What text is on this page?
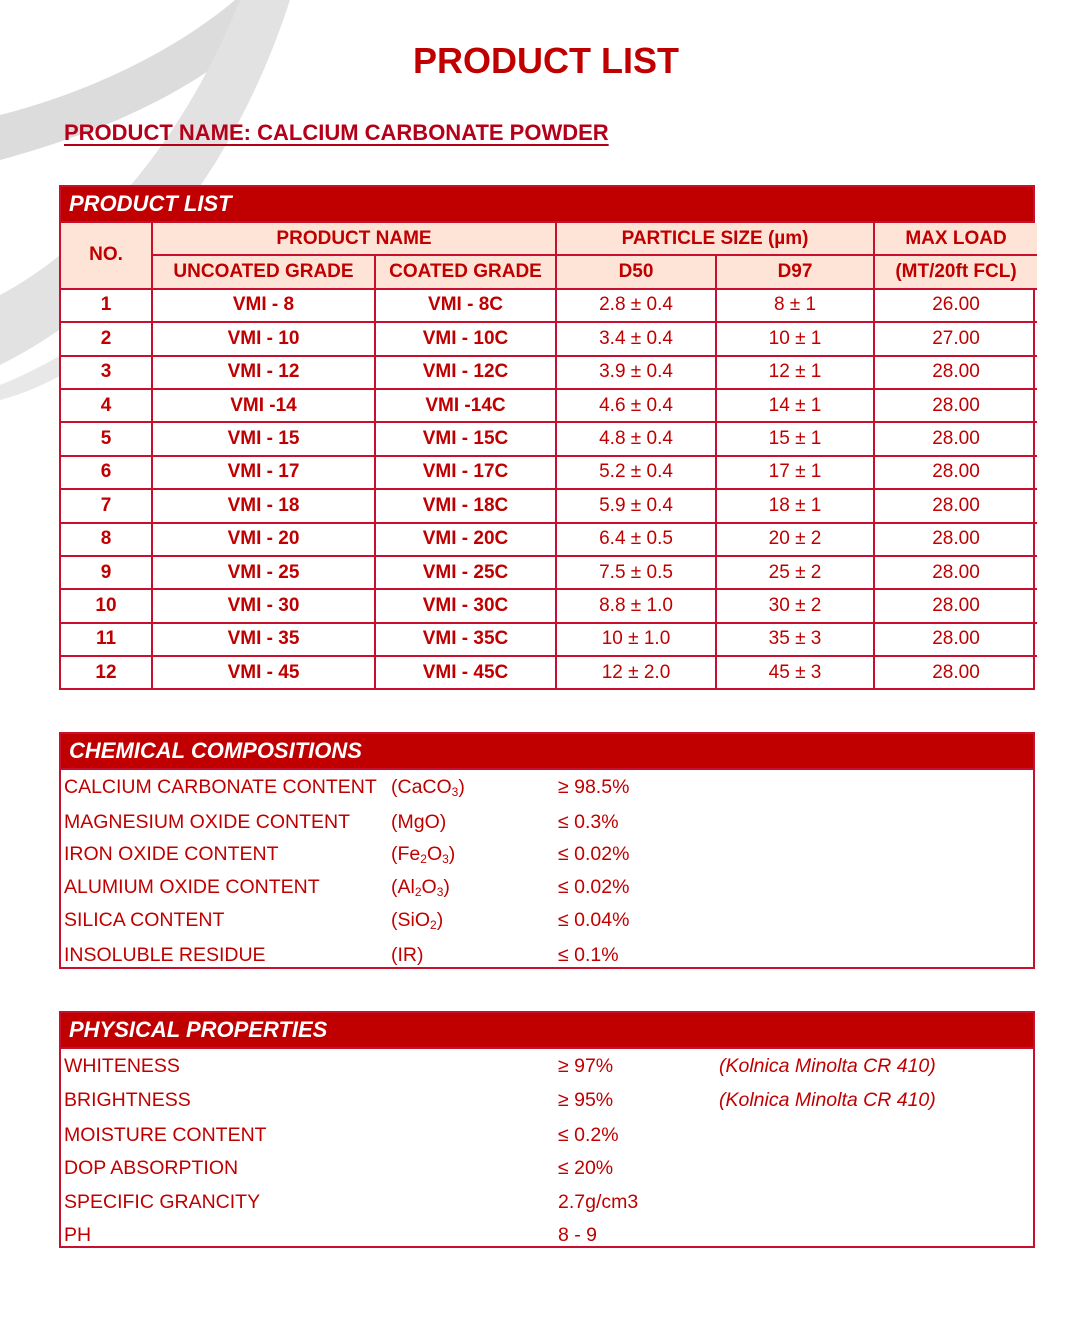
PRODUCT LIST
PRODUCT NAME: CALCIUM CARBONATE POWDER
PRODUCT LIST
NO.	PRODUCT NAME		PARTICLE SIZE (µm)		MAX LOAD
	UNCOATED GRADE	COATED GRADE	D50	D97	(MT/20ft FCL)
1	VMI - 8	VMI - 8C	2.8 ± 0.4	8 ± 1	26.00
2	VMI - 10	VMI - 10C	3.4 ± 0.4	10 ± 1	27.00
3	VMI - 12	VMI - 12C	3.9 ± 0.4	12 ± 1	28.00
4	VMI -14	VMI -14C	4.6 ± 0.4	14 ± 1	28.00
5	VMI - 15	VMI - 15C	4.8 ± 0.4	15 ± 1	28.00
6	VMI - 17	VMI - 17C	5.2 ± 0.4	17 ± 1	28.00
7	VMI - 18	VMI - 18C	5.9 ± 0.4	18 ± 1	28.00
8	VMI - 20	VMI - 20C	6.4 ± 0.5	20 ± 2	28.00
9	VMI - 25	VMI - 25C	7.5 ± 0.5	25 ± 2	28.00
10	VMI - 30	VMI - 30C	8.8 ± 1.0	30 ± 2	28.00
11	VMI - 35	VMI - 35C	10 ± 1.0	35 ± 3	28.00
12	VMI - 45	VMI - 45C	12 ± 2.0	45 ± 3	28.00
CHEMICAL COMPOSITIONS
CALCIUM CARBONATE CONTENT (CaCO$_3$)	≥ 98.5%
MAGNESIUM OXIDE CONTENT (MgO)	≤ 0.3%
IRON OXIDE CONTENT	$(Fe_2O_3)$	≤ 0.02%
ALUMIUM OXIDE CONTENT	$(Al_2O_3)$	≤ 0.02%
SILICA CONTENT	(SiO$_2$)	≤ 0.04%
INSOLUBLE RESIDUE	(IR)	≤ 0.1%
PHYSICAL PROPERTIES
WHITENESS	≥ 97%	(Kolnica Minolta CR 410)
BRIGHTNESS	≥ 95%	(Kolnica Minolta CR 410)
MOISTURE CONTENT	≤ 0.2%
DOP ABSORPTION	≤ 20%
SPECIFIC GRANCITY	2.7g/cm3
PH	8 - 9
